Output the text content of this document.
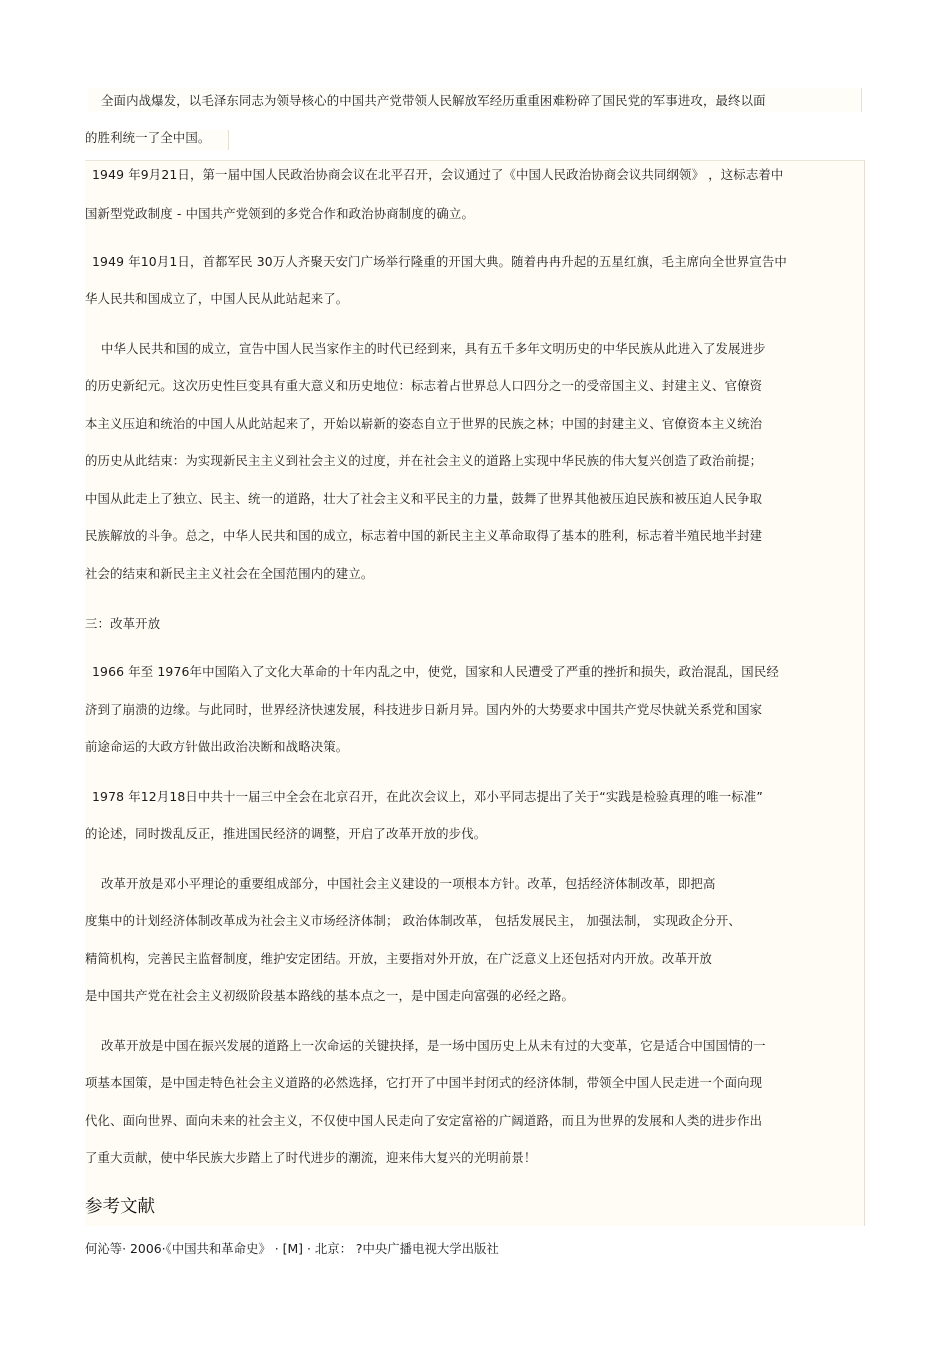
全面内战爆发，以毛泽东同志为领导核心的中国共产党带领人民解放军经历重重困难粉碎了国民党的军事进攻，最终以面
的胜利统一了全中国。
1949 年9月21日，第一届中国人民政治协商会议在北平召开，会议通过了《中国人民政治协商会议共同纲领》 ，这标志着中
国新型党政制度 - 中国共产党领到的多党合作和政治协商制度的确立。
1949 年10月1日，首都军民 30万人齐聚天安门广场举行隆重的开国大典。随着冉冉升起的五星红旗，毛主席向全世界宣告中
华人民共和国成立了，中国人民从此站起来了。
中华人民共和国的成立，宣告中国人民当家作主的时代已经到来，具有五千多年文明历史的中华民族从此进入了发展进步
的历史新纪元。这次历史性巨变具有重大意义和历史地位：标志着占世界总人口四分之一的受帝国主义、封建主义、官僚资
本主义压迫和统治的中国人从此站起来了，开始以崭新的姿态自立于世界的民族之林；中国的封建主义、官僚资本主义统治
的历史从此结束：为实现新民主主义到社会主义的过度，并在社会主义的道路上实现中华民族的伟大复兴创造了政治前提；
中国从此走上了独立、民主、统一的道路，壮大了社会主义和平民主的力量，鼓舞了世界其他被压迫民族和被压迫人民争取
民族解放的斗争。总之，中华人民共和国的成立，标志着中国的新民主主义革命取得了基本的胜利，标志着半殖民地半封建
社会的结束和新民主主义社会在全国范围内的建立。
三：改革开放
1966 年至 1976年中国陷入了文化大革命的十年内乱之中，使党，国家和人民遭受了严重的挫折和损失，政治混乱，国民经
济到了崩溃的边缘。与此同时，世界经济快速发展，科技进步日新月异。国内外的大势要求中国共产党尽快就关系党和国家
前途命运的大政方针做出政治决断和战略决策。
1978 年12月18日中共十一届三中全会在北京召开，在此次会议上，邓小平同志提出了关于“实践是检验真理的唯一标准”
的论述，同时拨乱反正，推进国民经济的调整，开启了改革开放的步伐。
改革开放是邓小平理论的重要组成部分，中国社会主义建设的一项根本方针。改革，包括经济体制改革，即把高
度集中的计划经济体制改革成为社会主义市场经济体制； 政治体制改革， 包括发展民主， 加强法制， 实现政企分开、
精简机构，完善民主监督制度，维护安定团结。开放，主要指对外开放，在广泛意义上还包括对内开放。改革开放
是中国共产党在社会主义初级阶段基本路线的基本点之一，是中国走向富强的必经之路。
改革开放是中国在振兴发展的道路上一次命运的关键抉择，是一场中国历史上从未有过的大变革，它是适合中国国情的一
项基本国策，是中国走特色社会主义道路的必然选择，它打开了中国半封闭式的经济体制，带领全中国人民走进一个面向现
代化、面向世界、面向未来的社会主义，不仅使中国人民走向了安定富裕的广阔道路，而且为世界的发展和人类的进步作出
了重大贡献，使中华民族大步踏上了时代进步的潮流，迎来伟大复兴的光明前景！
参考文献
何沁等· 2006·《中国共和革命史》 · [M] · 北京： ?中央广播电视大学出版社
